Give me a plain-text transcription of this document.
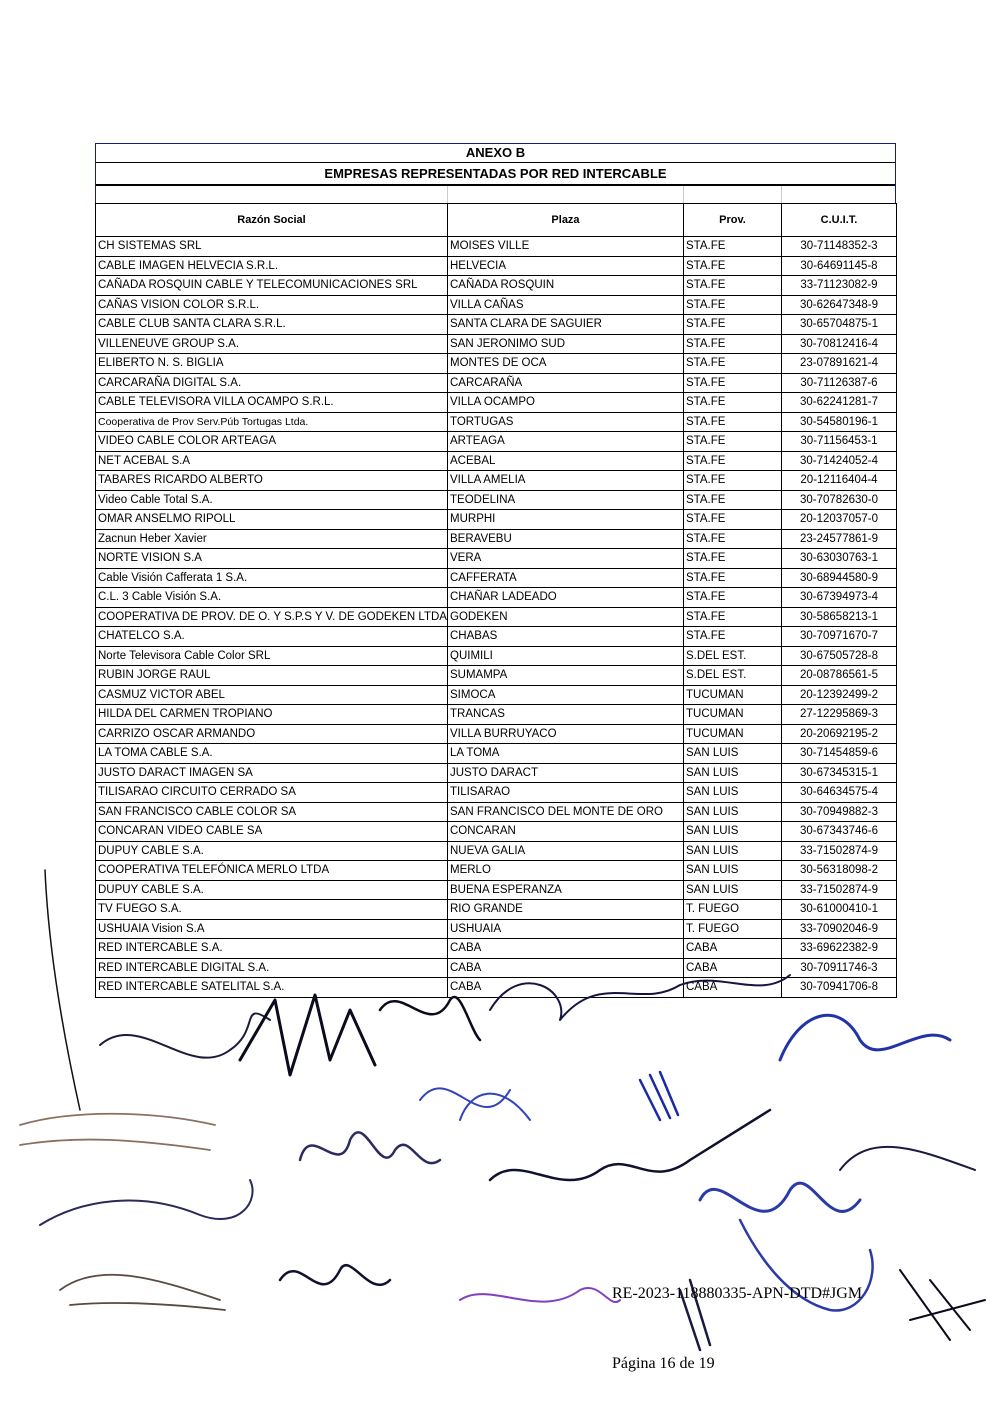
ANEXO B
EMPRESAS REPRESENTADAS POR RED INTERCABLE
Razón Social	Plaza	Prov.	C.U.I.T.
CH SISTEMAS SRL	MOISES VILLE	STA.FE	30-71148352-3
CABLE IMAGEN HELVECIA S.R.L.	HELVECIA	STA.FE	30-64691145-8
CAÑADA ROSQUIN CABLE Y TELECOMUNICACIONES SRL	CAÑADA ROSQUIN	STA.FE	33-71123082-9
CAÑAS VISION COLOR S.R.L.	VILLA CAÑAS	STA.FE	30-62647348-9
CABLE CLUB SANTA CLARA S.R.L.	SANTA CLARA DE SAGUIER	STA.FE	30-65704875-1
VILLENEUVE GROUP S.A.	SAN JERONIMO SUD	STA.FE	30-70812416-4
ELIBERTO N. S. BIGLIA	MONTES DE OCA	STA.FE	23-07891621-4
CARCARAÑA DIGITAL S.A.	CARCARAÑA	STA.FE	30-71126387-6
CABLE TELEVISORA VILLA OCAMPO S.R.L.	VILLA OCAMPO	STA.FE	30-62241281-7
Cooperativa de Prov Serv.Púb Tortugas Ltda.	TORTUGAS	STA.FE	30-54580196-1
VIDEO CABLE COLOR ARTEAGA	ARTEAGA	STA.FE	30-71156453-1
NET ACEBAL S.A	ACEBAL	STA.FE	30-71424052-4
TABARES RICARDO ALBERTO	VILLA AMELIA	STA.FE	20-12116404-4
Video Cable Total S.A.	TEODELINA	STA.FE	30-70782630-0
OMAR ANSELMO RIPOLL	MURPHI	STA.FE	20-12037057-0
Zacnun Heber Xavier	BERAVEBU	STA.FE	23-24577861-9
NORTE VISION S.A	VERA	STA.FE	30-63030763-1
Cable Visión Cafferata 1 S.A.	CAFFERATA	STA.FE	30-68944580-9
C.L. 3 Cable Visión S.A.	CHAÑAR LADEADO	STA.FE	30-67394973-4
COOPERATIVA DE PROV. DE O. Y S.P.S Y V. DE GODEKEN LTDA	GODEKEN	STA.FE	30-58658213-1
CHATELCO S.A.	CHABAS	STA.FE	30-70971670-7
Norte Televisora Cable Color SRL	QUIMILI	S.DEL EST.	30-67505728-8
RUBIN JORGE RAUL	SUMAMPA	S.DEL EST.	20-08786561-5
CASMUZ VICTOR ABEL	SIMOCA	TUCUMAN	20-12392499-2
HILDA DEL CARMEN TROPIANO	TRANCAS	TUCUMAN	27-12295869-3
CARRIZO OSCAR ARMANDO	VILLA BURRUYACO	TUCUMAN	20-20692195-2
LA TOMA CABLE S.A.	LA TOMA	SAN LUIS	30-71454859-6
JUSTO DARACT IMAGEN SA	JUSTO DARACT	SAN LUIS	30-67345315-1
TILISARAO CIRCUITO CERRADO SA	TILISARAO	SAN LUIS	30-64634575-4
SAN FRANCISCO CABLE COLOR SA	SAN FRANCISCO DEL MONTE DE ORO	SAN LUIS	30-70949882-3
CONCARAN VIDEO CABLE SA	CONCARAN	SAN LUIS	30-67343746-6
DUPUY CABLE S.A.	NUEVA GALIA	SAN LUIS	33-71502874-9
COOPERATIVA TELEFÓNICA MERLO LTDA	MERLO	SAN LUIS	30-56318098-2
DUPUY CABLE S.A.	BUENA ESPERANZA	SAN LUIS	33-71502874-9
TV FUEGO S.A.	RIO GRANDE	T. FUEGO	30-61000410-1
USHUAIA Vision S.A	USHUAIA	T. FUEGO	33-70902046-9
RED INTERCABLE S.A.	CABA	CABA	33-69622382-9
RED INTERCABLE DIGITAL S.A.	CABA	CABA	30-70911746-3
RED INTERCABLE SATELITAL S.A.	CABA	CABA	30-70941706-8
RE-2023-118880335-APN-DTD#JGM
Página 16 de 19
